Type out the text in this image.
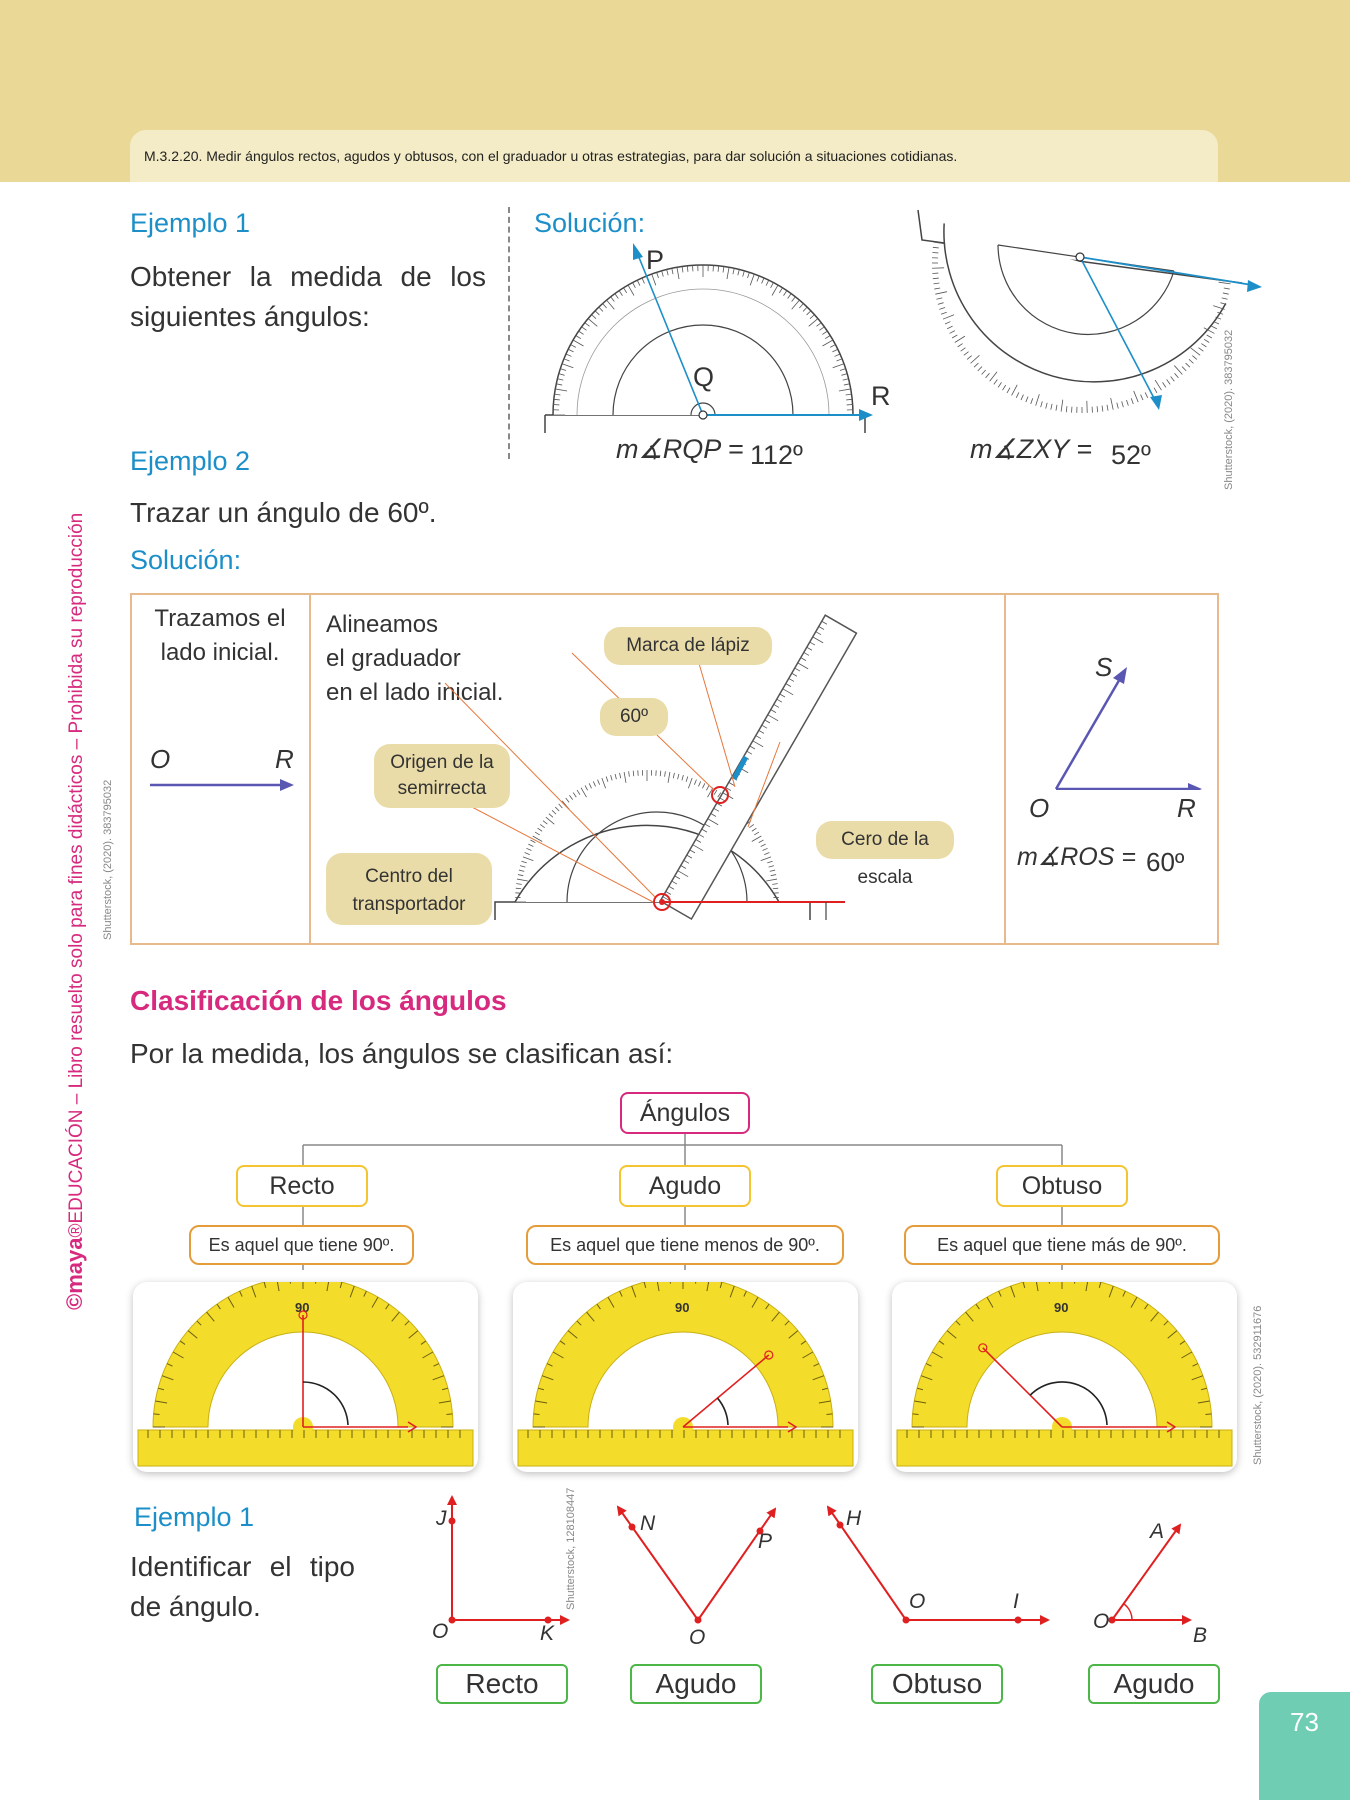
M.3.2.20. Medir ángulos rectos, agudos y obtusos, con el graduador u otras estrategias, para dar solución a situaciones cotidianas.
©maya®EDUCACIÓN – Libro resuelto solo para fines didácticos – Prohibida su reproducción Shutterstock, (2020). 383795032
Ejemplo 1
Obtener la medida de los siguientes ángulos:
Solución:
P
Q
R
m∡RQP = 112º	m∡ZXY = 52º	Shutterstock, (2020). 383795032
Ejemplo 2
Trazar un ángulo de 60º.
Solución:
Trazamos el
lado inicial.
O	R
Alineamos
el graduador
en el lado inicial.
Marca de lápiz
60º
Origen de la
semirrecta
Centro del
transportador
Cero de la escala
S
O	R
m∡ROS = 60º
Clasificación de los ángulos
Por la medida, los ángulos se clasifican así:
Ángulos
Recto	Agudo	Obtuso
Es aquel que tiene 90º.	Es aquel que tiene menos de 90º.	Es aquel que tiene más de 90º.
90	90	90	Shutterstock, (2020). 532911676
Ejemplo 1
Identificar el tipo de ángulo.
J
O	K
N
O
P
H
O	I
A
O
B
Shutterstock, 128108447
Recto	Agudo	Obtuso	Agudo
73
